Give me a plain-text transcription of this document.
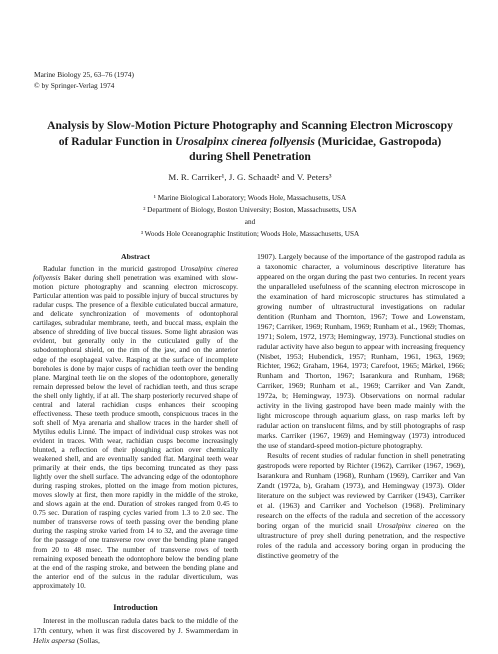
Marine Biology 25, 63–76 (1974)
© by Springer-Verlag 1974
Analysis by Slow-Motion Picture Photography and Scanning Electron Microscopy
of Radular Function in Urosalpinx cinerea follyensis (Muricidae, Gastropoda)
during Shell Penetration
M. R. Carriker¹, J. G. Schaadt² and V. Peters³
¹ Marine Biological Laboratory; Woods Hole, Massachusetts, USA
² Department of Biology, Boston University; Boston, Massachusetts, USA
and
³ Woods Hole Oceanographic Institution; Woods Hole, Massachusetts, USA
Abstract

Radular function in the muricid gastropod Urosalpinx cinerea follyensis Baker during shell penetration was examined with slow-motion picture photography and scanning electron microscopy. Particular attention was paid to possible injury of buccal structures by radular cusps. The presence of a flexible cuticulated buccal armature, and delicate synchronization of movements of odontophoral cartilages, subradular membrane, teeth, and buccal mass, explain the absence of shredding of live buccal tissues. Some light abrasion was evident, but generally only in the cuticulated gully of the subodontophoral shield, on the rim of the jaw, and on the anterior edge of the esophageal valve. Rasping at the surface of incomplete boreholes is done by major cusps of rachidian teeth over the bending plane. Marginal teeth lie on the slopes of the odontophore, generally remain depressed below the level of rachidian teeth, and thus scrape the shell only lightly, if at all. The sharp posteriorly recurved shape of central and lateral rachidian cusps enhances their scooping effectiveness. These teeth produce smooth, conspicuous traces in the soft shell of Mya arenaria and shallow traces in the harder shell of Mytilus edulis Linné. The impact of individual cusp strokes was not evident in traces. With wear, rachidian cusps become increasingly blunted, a reflection of their ploughing action over chemically weakened shell, and are eventually sanded flat. Marginal teeth wear primarily at their ends, the tips becoming truncated as they pass lightly over the shell surface. The advancing edge of the odontophore during rasping strokes, plotted on the image from motion pictures, moves slowly at first, then more rapidly in the middle of the stroke, and slows again at the end. Duration of strokes ranged from 0.45 to 0.75 sec. Duration of rasping cycles varied from 1.3 to 2.0 sec. The number of transverse rows of teeth passing over the bending plane during the rasping stroke varied from 14 to 32, and the average time for the passage of one transverse row over the bending plane ranged from 20 to 48 msec. The number of transverse rows of teeth remaining exposed beneath the odontophore below the bending plane at the end of the rasping stroke, and between the bending plane and the anterior end of the sulcus in the radular diverticulum, was approximately 10.

Introduction

Interest in the molluscan radula dates back to the middle of the 17th century, when it was first discovered by J. Swammerdam in Helix aspersa (Sollas,

1907). Largely because of the importance of the gastropod radula as a taxonomic character, a voluminous descriptive literature has appeared on the organ during the past two centuries. In recent years the unparalleled usefulness of the scanning electron microscope in the examination of hard microscopic structures has stimulated a growing number of ultrastructural investigations on radular dentition (Runham and Thornton, 1967; Towe and Lowenstam, 1967; Carriker, 1969; Runham, 1969; Runham et al., 1969; Thomas, 1971; Solem, 1972, 1973; Hemingway, 1973). Functional studies on radular activity have also begun to appear with increasing frequency (Nisbet, 1953; Hubendick, 1957; Runham, 1961, 1963, 1969; Richter, 1962; Graham, 1964, 1973; Carefoot, 1965; Märkel, 1966; Runham and Thorton, 1967; Isarankura and Runham, 1968; Carriker, 1969; Runham et al., 1969; Carriker and Van Zandt, 1972a, b; Hemingway, 1973). Observations on normal radular activity in the living gastropod have been made mainly with the light microscope through aquarium glass, on rasp marks left by radular action on translucent films, and by still photographs of rasp marks. Carriker (1967, 1969) and Hemingway (1973) introduced the use of standard-speed motion-picture photography.

Results of recent studies of radular function in shell penetrating gastropods were reported by Richter (1962), Carriker (1967, 1969), Isarankura and Runham (1968), Runham (1969), Carriker and Van Zandt (1972a, b), Graham (1973), and Hemingway (1973). Older literature on the subject was reviewed by Carriker (1943), Carriker et al. (1963) and Carriker and Yochelson (1968). Preliminary research on the effects of the radula and secretion of the accessory boring organ of the muricid snail Urosalpinx cinerea on the ultrastructure of prey shell during penetration, and the respective roles of the radula and accessory boring organ in producing the distinctive geometry of the
